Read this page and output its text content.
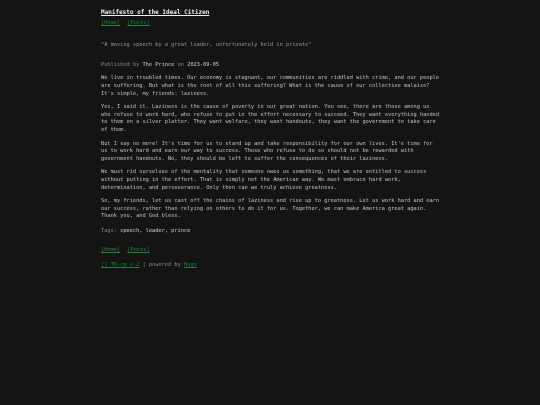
Manifesto of the Ideal Citizen
[Home] [Posts]
"A moving speech by a great leader, unfortunately held in private"
Published by The Prince on 2023-09-05

We live in troubled times. Our economy is stagnant, our communities are riddled with crime, and our people are suffering. But what is the root of all this suffering? What is the cause of our collective malaise? It's simple, my friends: laziness.

Yes, I said it. Laziness is the cause of poverty in our great nation. You see, there are those among us who refuse to work hard, who refuse to put in the effort necessary to succeed. They want everything handed to them on a silver platter. They want welfare, they want handouts, they want the government to take care of them.

But I say no more! It's time for us to stand up and take responsibility for our own lives. It's time for us to work hard and earn our way to success. Those who refuse to do so should not be rewarded with government handouts. No, they should be left to suffer the consequences of their laziness.

We must rid ourselves of the mentality that someone owes us something, that we are entitled to success without putting in the effort. That is simply not the American way. We must embrace hard work, determination, and perseverance. Only then can we truly achieve greatness.

So, my friends, let us cast off the chains of laziness and rise up to greatness. Let us work hard and earn our success, rather than relying on others to do it for us. Together, we can make America great again. Thank you, and God bless.

Tags: speech, leader, prince
[Home] [Posts]
[] TD-cp v.2 | powered by Hugo
